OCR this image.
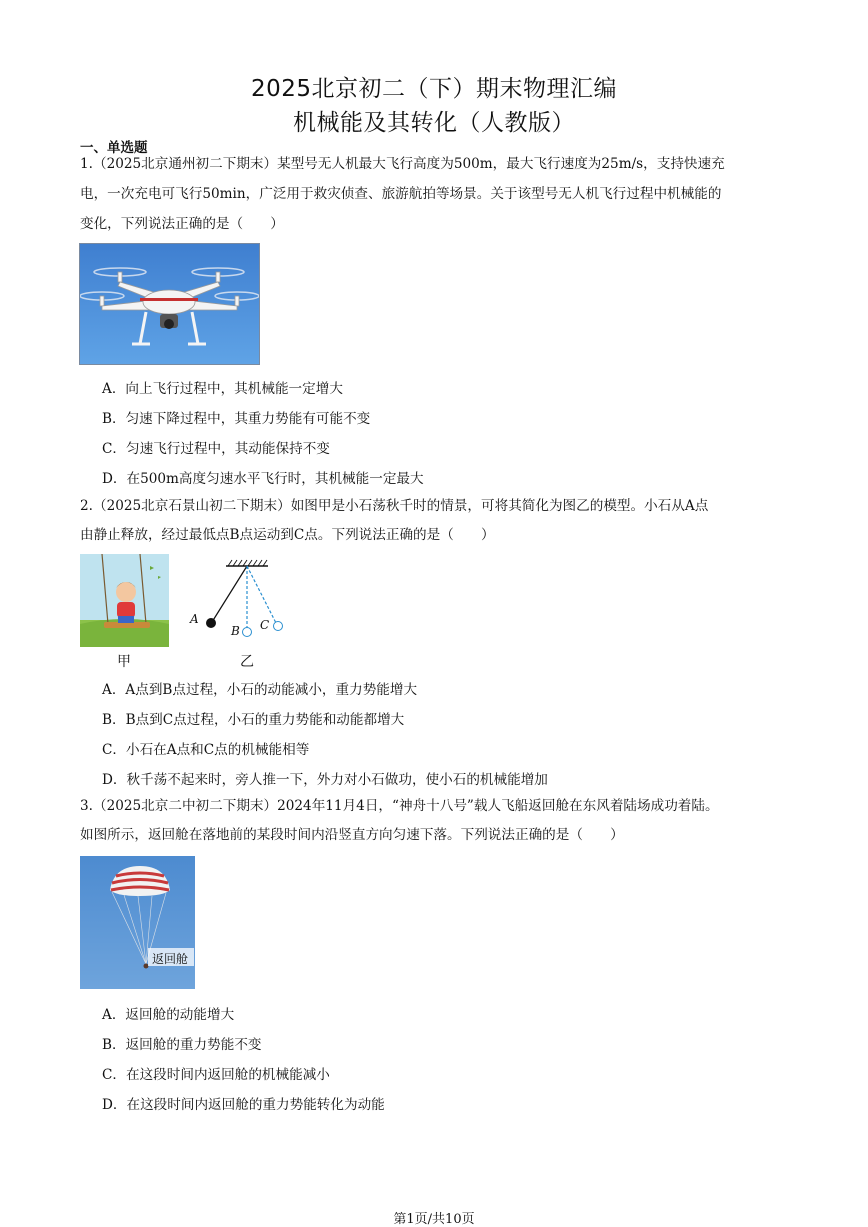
2025北京初二（下）期末物理汇编
机械能及其转化（人教版）
一、单选题
1.（2025北京通州初二下期末）某型号无人机最大飞行高度为500m，最大飞行速度为25m/s，支持快速充
电，一次充电可飞行50min，广泛用于救灾侦查、旅游航拍等场景。关于该型号无人机飞行过程中机械能的
变化，下列说法正确的是（　　）
A．向上飞行过程中，其机械能一定增大
B．匀速下降过程中，其重力势能有可能不变
C．匀速飞行过程中，其动能保持不变
D．在500m高度匀速水平飞行时，其机械能一定最大
2.（2025北京石景山初二下期末）如图甲是小石荡秋千时的情景，可将其简化为图乙的模型。小石从A点
由静止释放，经过最低点B点运动到C点。下列说法正确的是（　　）
A
B C
甲	乙
A．A点到B点过程，小石的动能减小，重力势能增大
B．B点到C点过程，小石的重力势能和动能都增大
C．小石在A点和C点的机械能相等
D．秋千荡不起来时，旁人推一下，外力对小石做功，使小石的机械能增加
3.（2025北京二中初二下期末）2024年11月4日，“神舟十八号”载人飞船返回舱在东风着陆场成功着陆。
如图所示，返回舱在落地前的某段时间内沿竖直方向匀速下落。下列说法正确的是（　　）
返回舱
A．返回舱的动能增大
B．返回舱的重力势能不变
C．在这段时间内返回舱的机械能减小
D．在这段时间内返回舱的重力势能转化为动能
第1页/共10页
